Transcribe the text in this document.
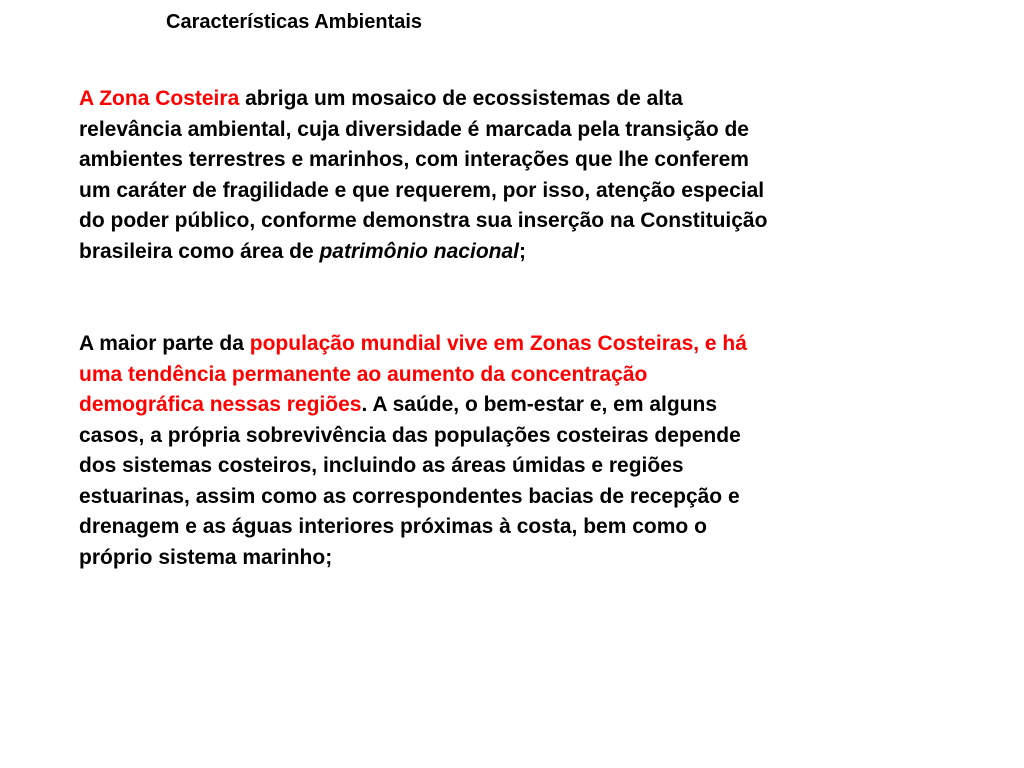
Características Ambientais
A Zona Costeira abriga um mosaico de ecossistemas de alta
relevância ambiental, cuja diversidade é marcada pela transição de
ambientes terrestres e marinhos, com interações que lhe conferem
um caráter de fragilidade e que requerem, por isso, atenção especial
do poder público, conforme demonstra sua inserção na Constituição
brasileira como área de patrimônio nacional;
A maior parte da população mundial vive em Zonas Costeiras, e há
uma tendência permanente ao aumento da concentração
demográfica nessas regiões. A saúde, o bem-estar e, em alguns
casos, a própria sobrevivência das populações costeiras depende
dos sistemas costeiros, incluindo as áreas úmidas e regiões
estuarinas, assim como as correspondentes bacias de recepção e
drenagem e as águas interiores próximas à costa, bem como o
próprio sistema marinho;
